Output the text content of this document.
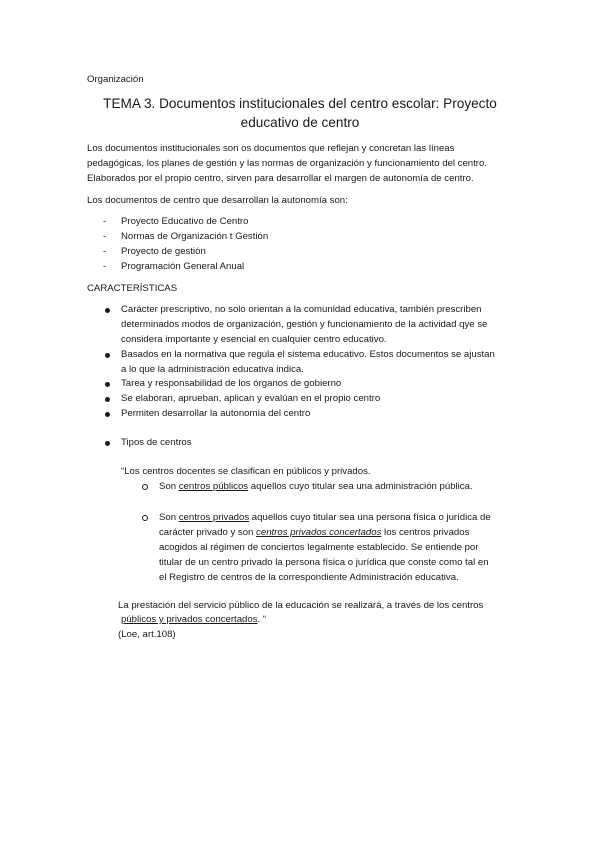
Organización
TEMA 3. Documentos institucionales del centro escolar: Proyecto
educativo de centro
Los documentos institucionales son os documentos que reflejan y concretan las líneas
pedagógicas, los planes de gestión y las normas de organización y funcionamiento del centro.
Elaborados por el propio centro, sirven para desarrollar el margen de autonomía de centro.
Los documentos de centro que desarrollan la autonomía son:
- Proyecto Educativo de Centro
- Normas de Organización t Gestión
- Proyecto de gestión
- Programación General Anual
CARACTERÍSTICAS
Carácter prescriptivo, no solo orientan a la comunidad educativa, también prescriben
determinados modos de organización, gestión y funcionamiento de la actividad qye se
considera importante y esencial en cualquier centro educativo.
Basados en la normativa que regula el sistema educativo. Estos documentos se ajustan
a lo que la administración educativa indica.
Tarea y responsabilidad de los órganos de gobierno
Se elaboran, aprueban, aplican y evalúan en el propio centro
Permiten desarrollar la autonomía del centro
Tipos de centros
“Los centros docentes se clasifican en públicos y privados.
Son centros públicos aquellos cuyo titular sea una administración pública.
Son centros privados aquellos cuyo titular sea una persona física o jurídica de
carácter privado y son centros privados concertados los centros privados
acogidos al régimen de conciertos legalmente establecido. Se entiende por
titular de un centro privado la persona física o jurídica que conste como tal en
el Registro de centros de la correspondiente Administración educativa.
La prestación del servicio público de la educación se realizará, a través de los centros
públicos y privados concertados. “
(Loe, art.108)
